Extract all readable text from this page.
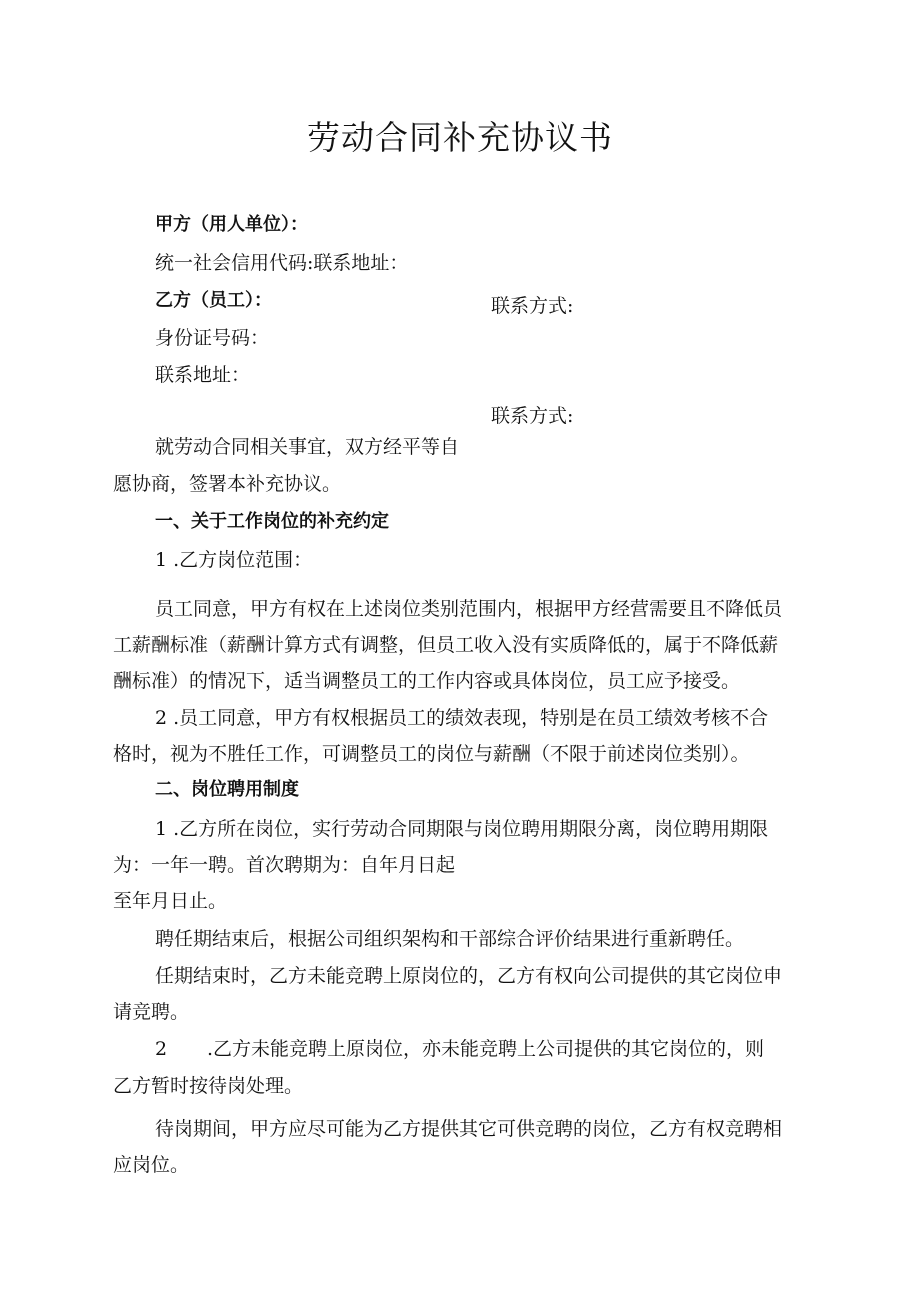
劳动合同补充协议书
甲方（用人单位）：
统一社会信用代码:联系地址：
乙方（员工）：	联系方式:
身份证号码：
联系地址：
联系方式:
就劳动合同相关事宜，双方经平等自
愿协商，签署本补充协议。
一、关于工作岗位的补充约定
1 .乙方岗位范围：
员工同意，甲方有权在上述岗位类别范围内，根据甲方经营需要且不降低员
工薪酬标准（薪酬计算方式有调整，但员工收入没有实质降低的，属于不降低薪
酬标准）的情况下，适当调整员工的工作内容或具体岗位，员工应予接受。
2 .员工同意，甲方有权根据员工的绩效表现，特别是在员工绩效考核不合
格时，视为不胜任工作，可调整员工的岗位与薪酬（不限于前述岗位类别）。
二、岗位聘用制度
1 .乙方所在岗位，实行劳动合同期限与岗位聘用期限分离，岗位聘用期限
为：一年一聘。首次聘期为：自年月日起
至年月日止。
聘任期结束后，根据公司组织架构和干部综合评价结果进行重新聘任。
任期结束时，乙方未能竞聘上原岗位的，乙方有权向公司提供的其它岗位申
请竞聘。
2 .乙方未能竞聘上原岗位，亦未能竞聘上公司提供的其它岗位的，则
乙方暂时按待岗处理。
待岗期间，甲方应尽可能为乙方提供其它可供竞聘的岗位，乙方有权竞聘相
应岗位。
